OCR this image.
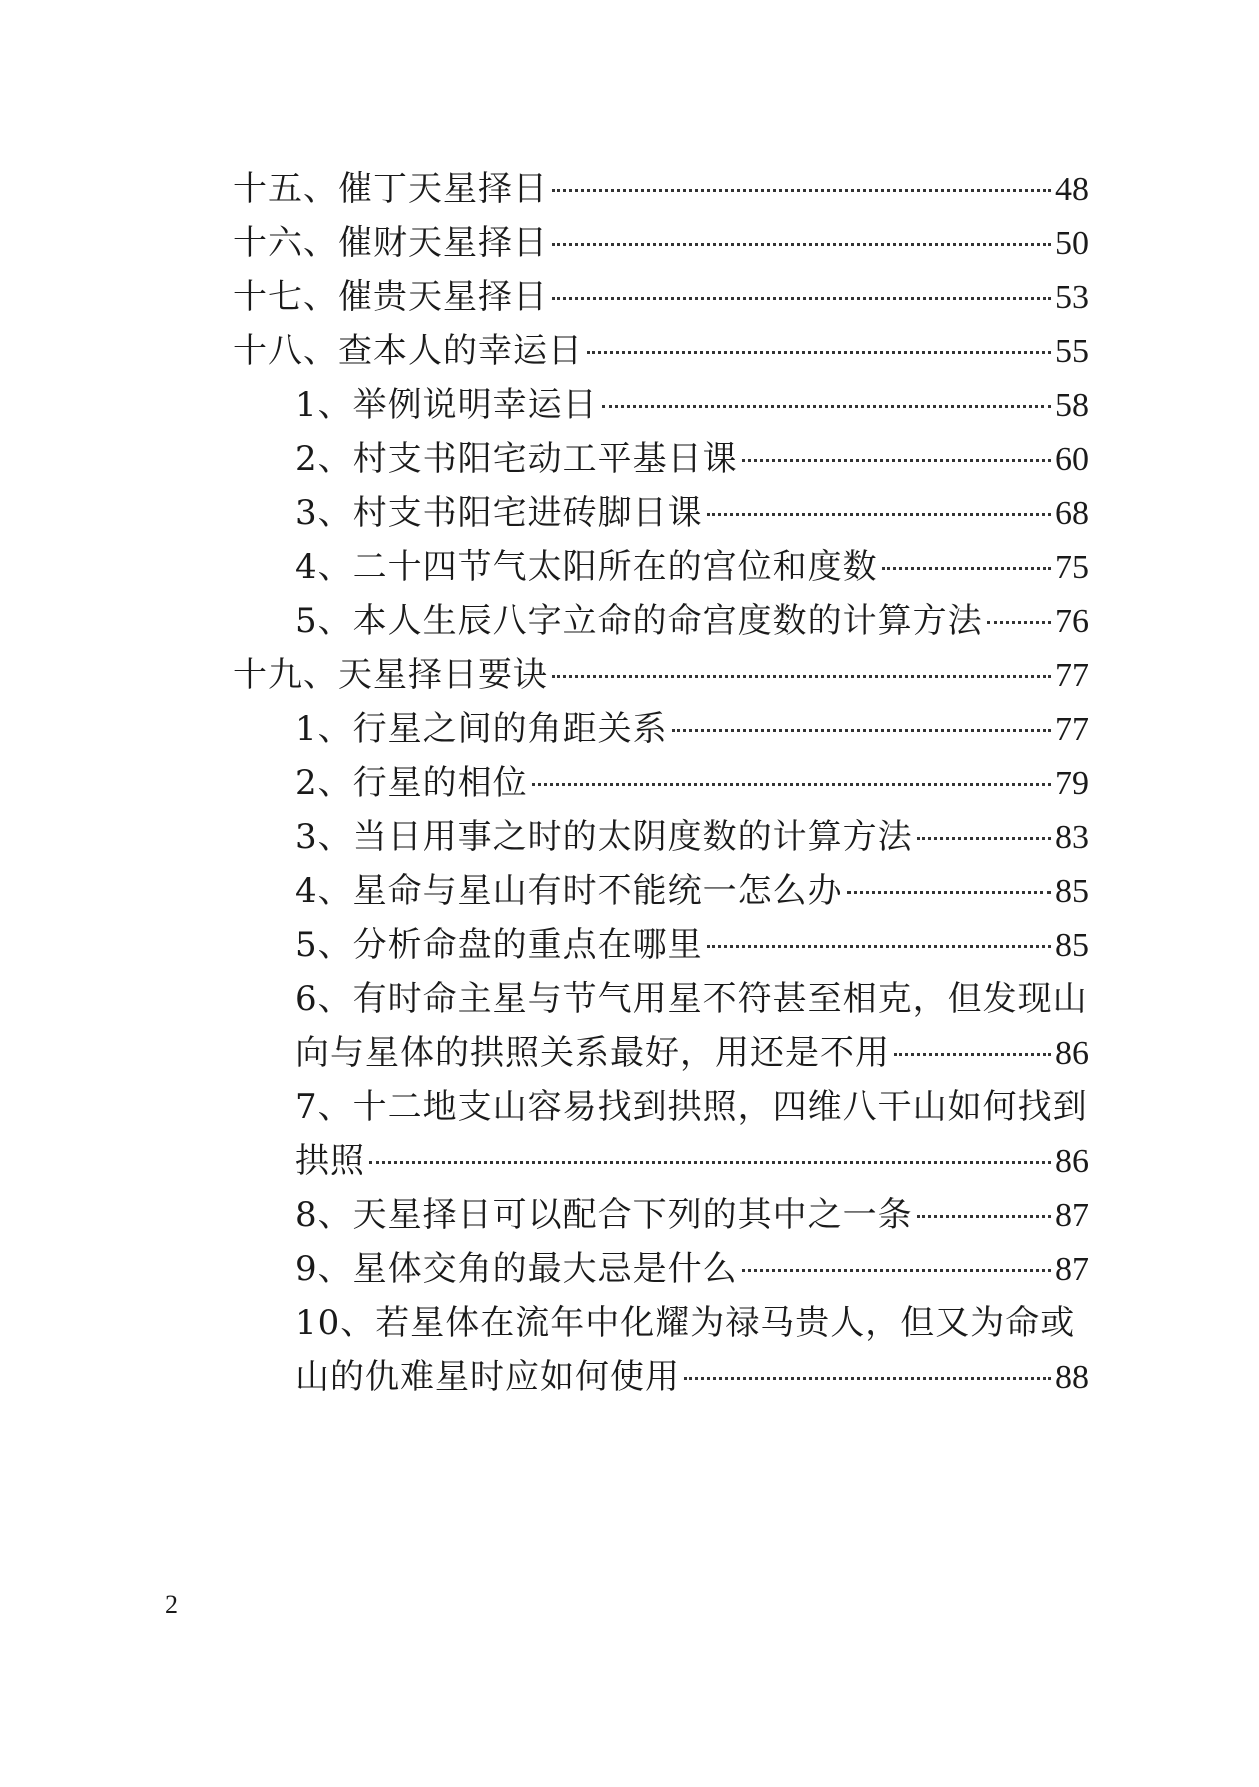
十五、催丁天星择日	48
十六、催财天星择日	50
十七、催贵天星择日	53
十八、查本人的幸运日	55
1、举例说明幸运日	58
2、村支书阳宅动工平基日课	60
3、村支书阳宅进砖脚日课	68
4、二十四节气太阳所在的宫位和度数	75
5、本人生辰八字立命的命宫度数的计算方法 76
十九、天星择日要诀	77
1、行星之间的角距关系	77
2、行星的相位	79
3、当日用事之时的太阴度数的计算方法	83
4、星命与星山有时不能统一怎么办	85
5、分析命盘的重点在哪里	85
6、有时命主星与节气用星不符甚至相克，但发现山
向与星体的拱照关系最好，用还是不用	86
7、十二地支山容易找到拱照，四维八干山如何找到
拱照	86
8、天星择日可以配合下列的其中之一条	87
9、星体交角的最大忌是什么	87
10、若星体在流年中化耀为禄马贵人，但又为命或
山的仇难星时应如何使用	88
2
